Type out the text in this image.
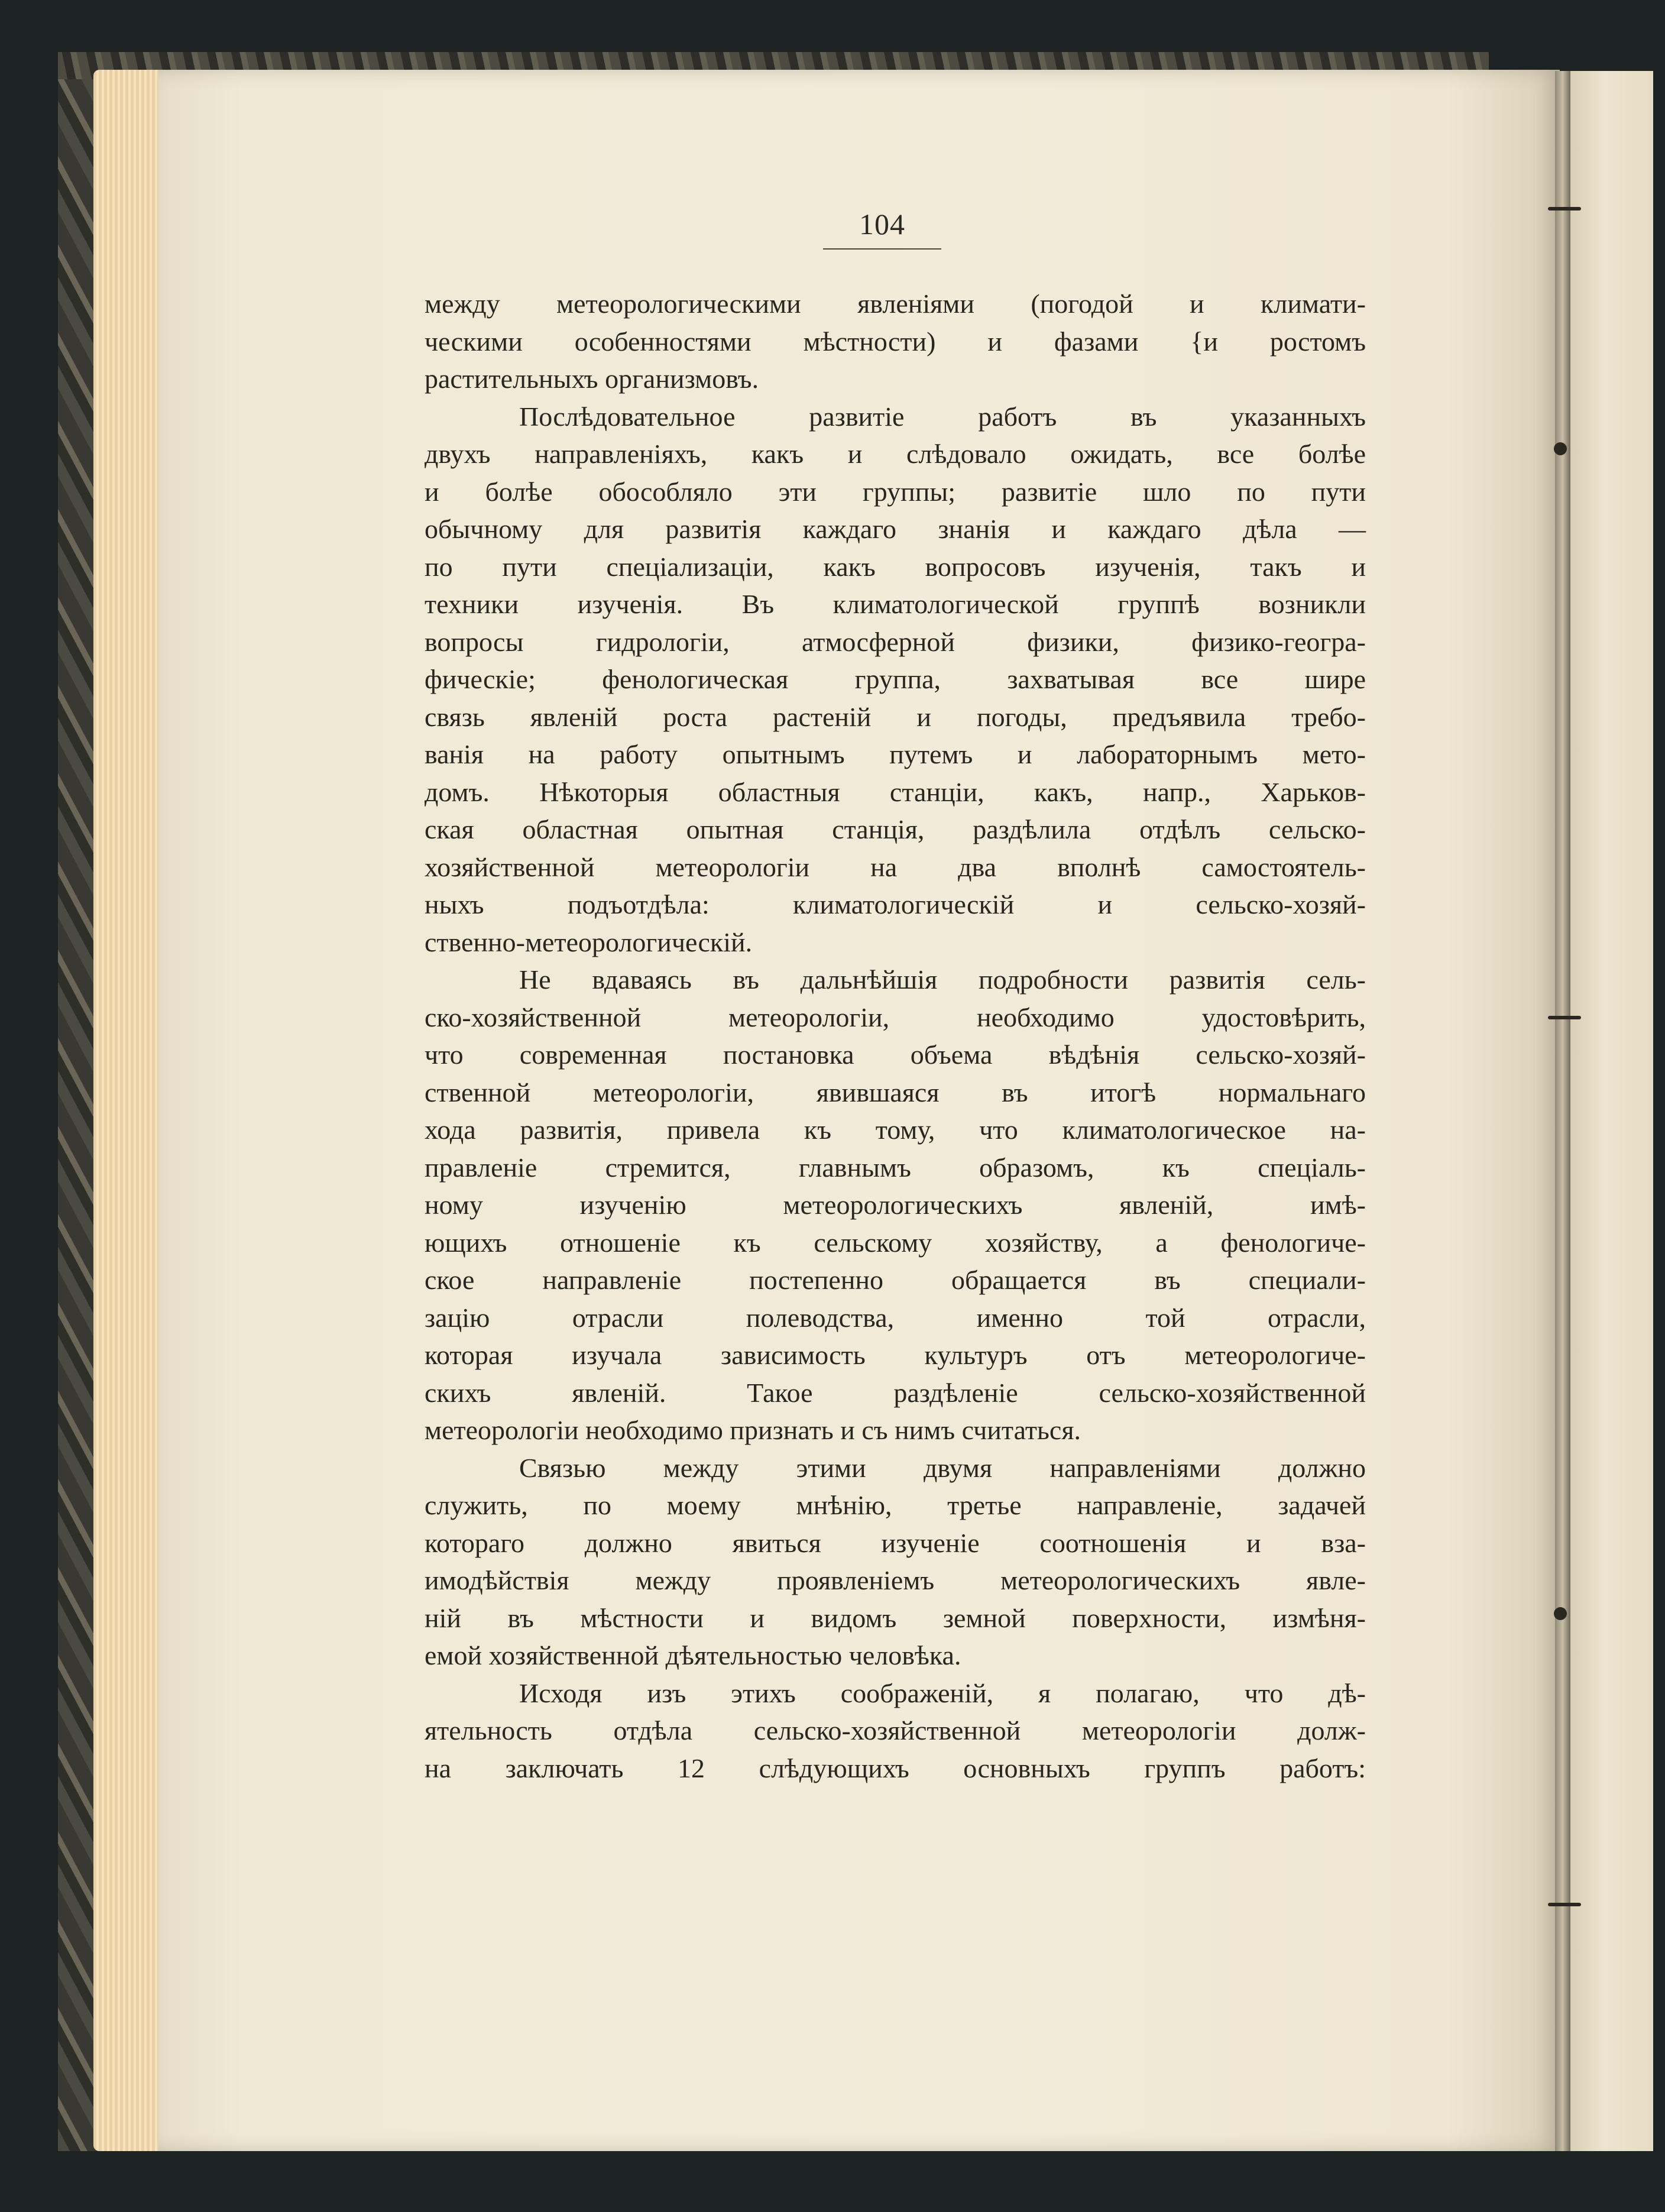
104
между метеорологическими явленіями (погодой и климати-
ческими особенностями мѣстности) и фазами {и ростомъ
растительныхъ организмовъ.
Послѣдовательное развитіе работъ въ указанныхъ
двухъ направленіяхъ, какъ и слѣдовало ожидать, все болѣе
и болѣе обособляло эти группы; развитіе шло по пути
обычному для развитія каждаго знанія и каждаго дѣла —
по пути спеціализаціи, какъ вопросовъ изученія, такъ и
техники изученія. Въ климатологической группѣ возникли
вопросы гидрологіи, атмосферной физики, физико-геогра-
фическіе; фенологическая группа, захватывая все шире
связь явленій роста растеній и погоды, предъявила требо-
ванія на работу опытнымъ путемъ и лабораторнымъ мето-
домъ. Нѣкоторыя областныя станціи, какъ, напр., Харьков-
ская областная опытная станція, раздѣлила отдѣлъ сельско-
хозяйственной метеорологіи на два вполнѣ самостоятель-
ныхъ подъотдѣла: климатологическій и сельско-хозяй-
ственно-метеорологическій.
Не вдаваясь въ дальнѣйшія подробности развитія сель-
ско-хозяйственной метеорологіи, необходимо удостовѣрить,
что современная постановка объема вѣдѣнія сельско-хозяй-
ственной метеорологіи, явившаяся въ итогѣ нормальнаго
хода развитія, привела къ тому, что климатологическое на-
правленіе стремится, главнымъ образомъ, къ спеціаль-
ному изученію метеорологическихъ явленій, имѣ-
ющихъ отношеніе къ сельскому хозяйству, а фенологиче-
ское направленіе постепенно обращается въ специали-
зацію отрасли полеводства, именно той отрасли,
которая изучала зависимость культуръ отъ метеорологиче-
скихъ явленій. Такое раздѣленіе сельско-хозяйственной
метеорологіи необходимо признать и съ нимъ считаться.
Связью между этими двумя направленіями должно
служить, по моему мнѣнію, третье направленіе, задачей
котораго должно явиться изученіе соотношенія и вза-
имодѣйствія между проявленіемъ метеорологическихъ явле-
ній въ мѣстности и видомъ земной поверхности, измѣня-
емой хозяйственной дѣятельностью человѣка.
Исходя изъ этихъ соображеній, я полагаю, что дѣ-
ятельность отдѣла сельско-хозяйственной метеорологіи долж-
на заключать 12 слѣдующихъ основныхъ группъ работъ:
